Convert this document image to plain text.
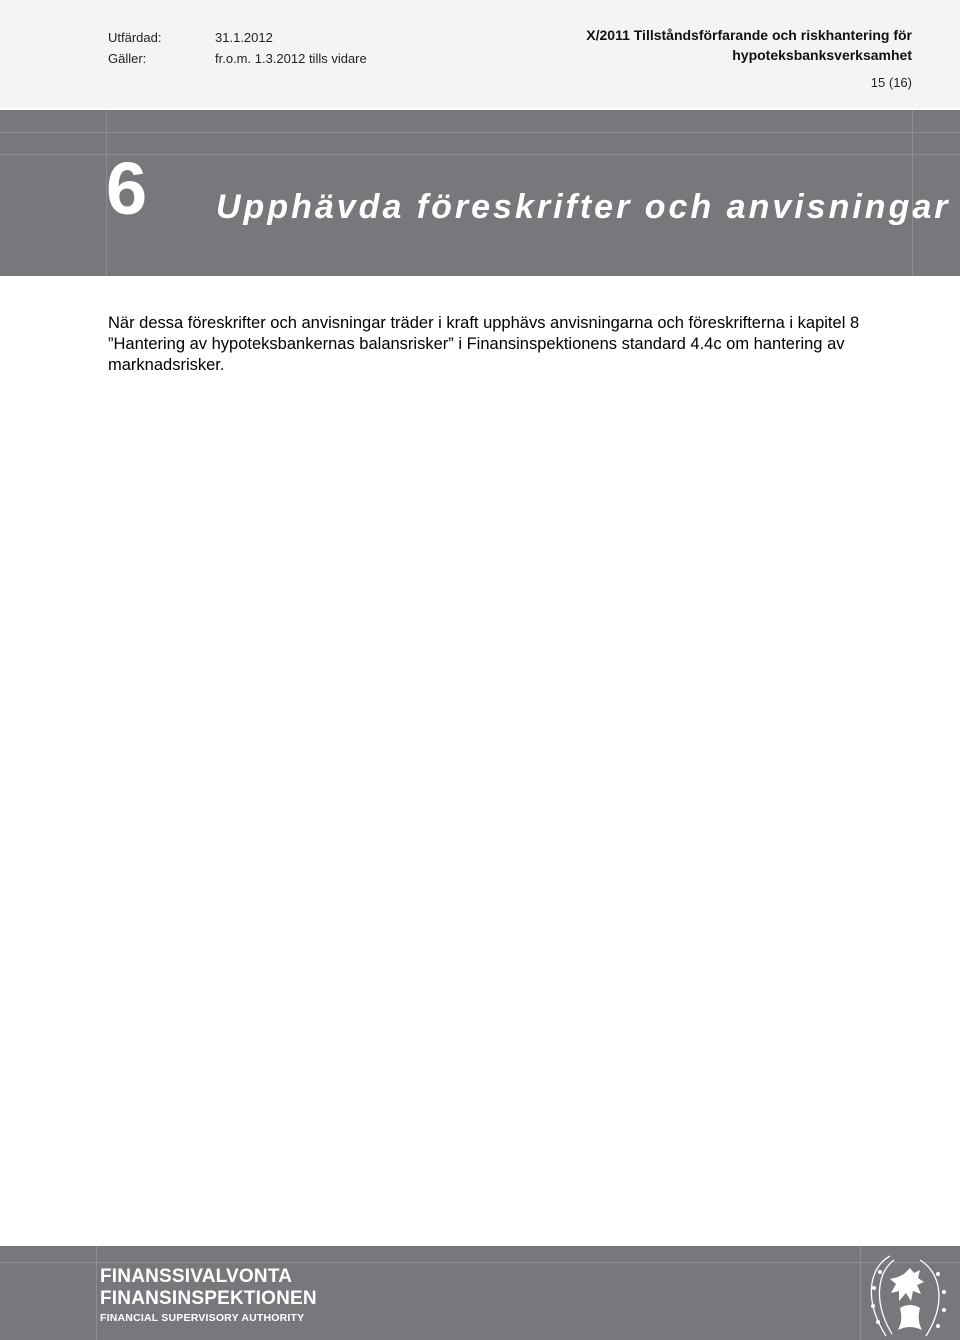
Utfärdad:	31.1.2012
Gäller:	fr.o.m. 1.3.2012 tills vidare
X/2011 Tillståndsförfarande och riskhantering för
hypoteksbanksverksamhet
15 (16)
6 Upphävda föreskrifter och anvisningar
När dessa föreskrifter och anvisningar träder i kraft upphävs anvisningarna och föreskrifterna i kapitel 8 ”Hantering av hypoteksbankernas balansrisker” i Finansinspektionens standard 4.4c om hantering av marknadsrisker.
FINANSSIVALVONTA
FINANSINSPEKTIONEN
FINANCIAL SUPERVISORY AUTHORITY
